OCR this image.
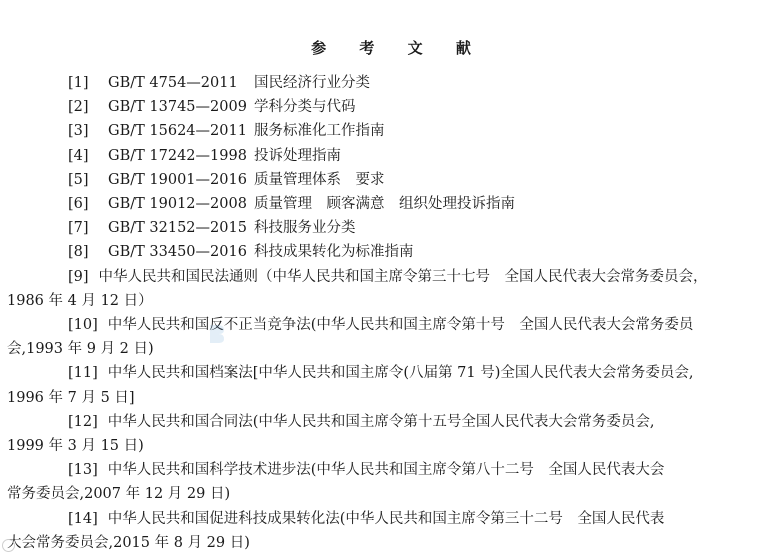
参 考 文 献
[1] GB/T 4754—2011 国民经济行业分类
[2] GB/T 13745—2009 学科分类与代码
[3] GB/T 15624—2011 服务标准化工作指南
[4] GB/T 17242—1998 投诉处理指南
[5] GB/T 19001—2016 质量管理体系　要求
[6] GB/T 19012—2008 质量管理　顾客满意　组织处理投诉指南
[7] GB/T 32152—2015 科技服务业分类
[8] GB/T 33450—2016 科技成果转化为标准指南
[9] 中华人民共和国民法通则（中华人民共和国主席令第三十七号　全国人民代表大会常务委员会，
1986 年 4 月 12 日）
[10] 中华人民共和国反不正当竞争法(中华人民共和国主席令第十号　全国人民代表大会常务委员
会,1993 年 9 月 2 日)
[11] 中华人民共和国档案法[中华人民共和国主席令(八届第 71 号)全国人民代表大会常务委员会,
1996 年 7 月 5 日]
[12] 中华人民共和国合同法(中华人民共和国主席令第十五号全国人民代表大会常务委员会,
1999 年 3 月 15 日)
[13] 中华人民共和国科学技术进步法(中华人民共和国主席令第八十二号　全国人民代表大会
常务委员会,2007 年 12 月 29 日)
[14] 中华人民共和国促进科技成果转化法(中华人民共和国主席令第三十二号　全国人民代表
大会常务委员会,2015 年 8 月 29 日)
